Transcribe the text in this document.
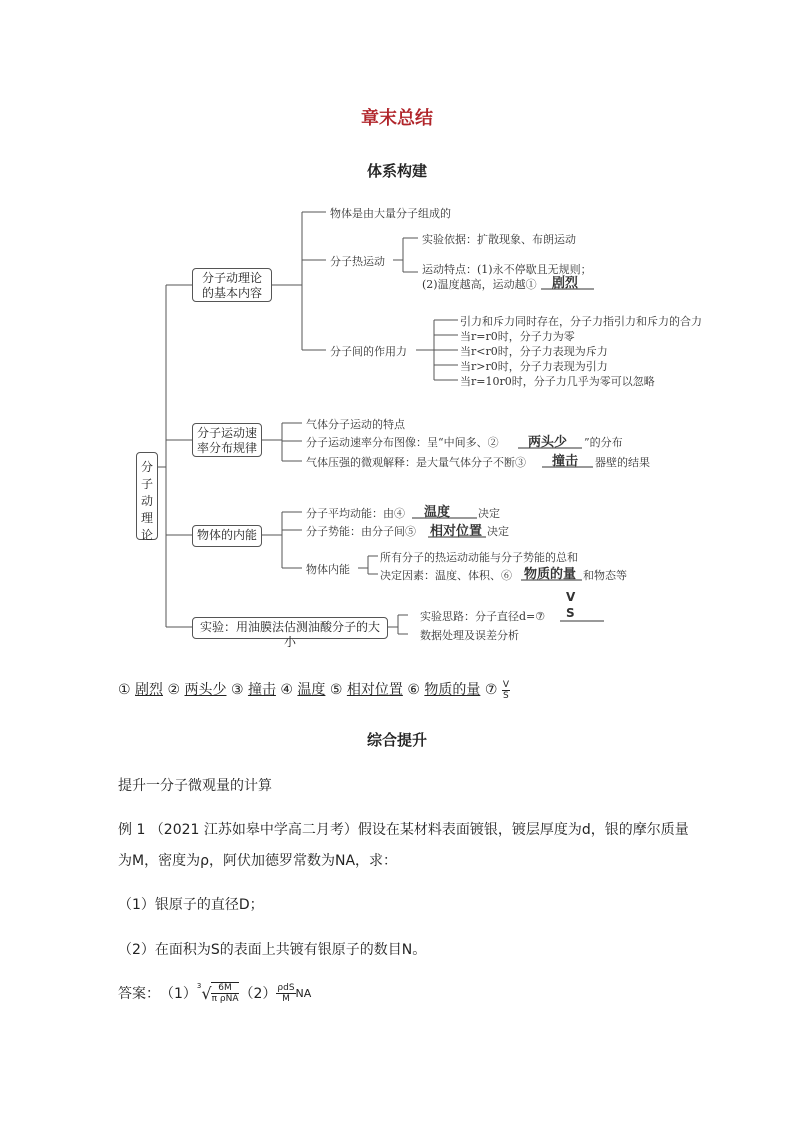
章末总结
体系构建
分子动理论
分子动理论
的基本内容
分子运动速
率分布规律
物体的内能
实验：用油膜法估测油酸分子的大小
物体是由大量分子组成的
分子热运动
实验依据：扩散现象、布朗运动
运动特点：(1)永不停歇且无规则；
(2)温度越高，运动越① 剧烈
分子间的作用力
引力和斥力同时存在，分子力指引力和斥力的合力
当r=r0时，分子力为零
当r<r0时，分子力表现为斥力
当r>r0时，分子力表现为引力
当r=10r0时，分子力几乎为零可以忽略
气体分子运动的特点
分子运动速率分布图像：呈“中间多、② 两头少 ”的分布
气体压强的微观解释：是大量气体分子不断③ 撞击 器壁的结果
分子平均动能：由④ 温度	决定
分子势能：由分子间⑤ 相对位置 决定
物体内能
所有分子的热运动动能与分子势能的总和
决定因素：温度、体积、⑥ 物质的量 和物态等
实验思路：分子直径d=⑦
V
S
数据处理及误差分析
① 剧烈 ② 两头少 ③ 撞击 ④ 温度 ⑤ 相对位置 ⑥ 物质的量 ⑦ $\frac{V}{S}$
综合提升
提升一分子微观量的计算
例 1 （2021 江苏如皋中学高二月考）假设在某材料表面镀银，镀层厚度为d，银的摩尔质量
为M，密度为ρ，阿伏加德罗常数为NA，求：
（1）银原子的直径D；
（2）在面积为S的表面上共镀有银原子的数目N。
答案： （1） 3 √ $\frac{6M}{\text{π ρNA}} (2) \frac{\text{ρdS}}{M}$ NA
